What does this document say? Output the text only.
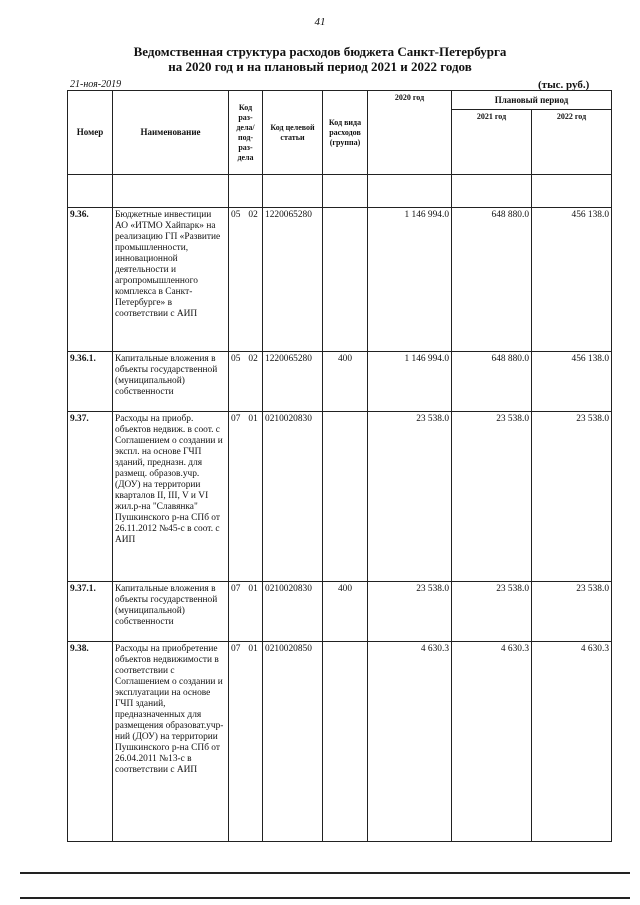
41
Ведомственная структура расходов бюджета Санкт-Петербурга
на 2020 год и на плановый период 2021 и 2022 годов
21-ноя-2019	(тыс. руб.)
Номер	Наименование	Код раз-дела/ под-раз-дела	Код целевой статьи	Код вида расходов (группа)	2020 год	Плановый период	
						2021 год	2022 год

9.36.	Бюджетные инвестиции АО «ИТМО Хайпарк» на реализацию ГП «Развитие промышленности, инновационной деятельности и агропромышленного комплекса в Санкт-Петербурге» в соответствии с АИП	05 02	1220065280		1 146 994.0	648 880.0	456 138.0
9.36.1.	Капитальные вложения в объекты государственной (муниципальной) собственности	05 02	1220065280	400	1 146 994.0	648 880.0	456 138.0
9.37.	Расходы на приобр. объектов недвиж. в соот. с Соглашением о создании и экспл. на основе ГЧП зданий, предназн. для размещ. образов.учр. (ДОУ) на территории кварталов II, III, V и VI жил.р-на "Славянка" Пушкинского р-на СПб от 26.11.2012 №45-с в соот. с АИП	07 01	0210020830		23 538.0	23 538.0	23 538.0
9.37.1.	Капитальные вложения в объекты государственной (муниципальной) собственности	07 01	0210020830	400	23 538.0	23 538.0	23 538.0
9.38.	Расходы на приобретение объектов недвижимости в соответствии с Соглашением о создании и эксплуатации на основе ГЧП зданий, предназначенных для размещения образоват.учр-ний (ДОУ) на территории Пушкинского р-на СПб от 26.04.2011 №13-с в соответствии с АИП	07 01	0210020850		4 630.3	4 630.3	4 630.3
